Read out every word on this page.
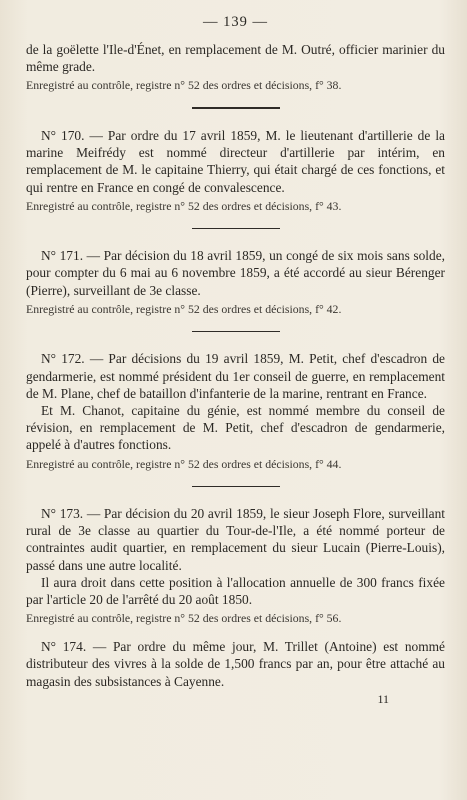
— 139 —

de la goëlette l'Ile-d'Énet, en remplacement de M. Outré, officier marinier du même grade.

Enregistré au contrôle, registre n° 52 des ordres et décisions, f° 38.

N° 170. — Par ordre du 17 avril 1859, M. le lieutenant d'artillerie de la marine Meifrédy est nommé directeur d'artillerie par intérim, en remplacement de M. le capitaine Thierry, qui était chargé de ces fonctions, et qui rentre en France en congé de convalescence.

Enregistré au contrôle, registre n° 52 des ordres et décisions, f° 43.

N° 171. — Par décision du 18 avril 1859, un congé de six mois sans solde, pour compter du 6 mai au 6 novembre 1859, a été accordé au sieur Bérenger (Pierre), surveillant de 3e classe.

Enregistré au contrôle, registre n° 52 des ordres et décisions, f° 42.

N° 172. — Par décisions du 19 avril 1859, M. Petit, chef d'escadron de gendarmerie, est nommé président du 1er conseil de guerre, en remplacement de M. Plane, chef de bataillon d'infanterie de la marine, rentrant en France.

Et M. Chanot, capitaine du génie, est nommé membre du conseil de révision, en remplacement de M. Petit, chef d'escadron de gendarmerie, appelé à d'autres fonctions.

Enregistré au contrôle, registre n° 52 des ordres et décisions, f° 44.

N° 173. — Par décision du 20 avril 1859, le sieur Joseph Flore, surveillant rural de 3e classe au quartier du Tour-de-l'Ile, a été nommé porteur de contraintes audit quartier, en remplacement du sieur Lucain (Pierre-Louis), passé dans une autre localité.

Il aura droit dans cette position à l'allocation annuelle de 300 francs fixée par l'article 20 de l'arrêté du 20 août 1850.

Enregistré au contrôle, registre n° 52 des ordres et décisions, f° 56.

N° 174. — Par ordre du même jour, M. Trillet (Antoine) est nommé distributeur des vivres à la solde de 1,500 francs par an, pour être attaché au magasin des subsistances à Cayenne.

11
